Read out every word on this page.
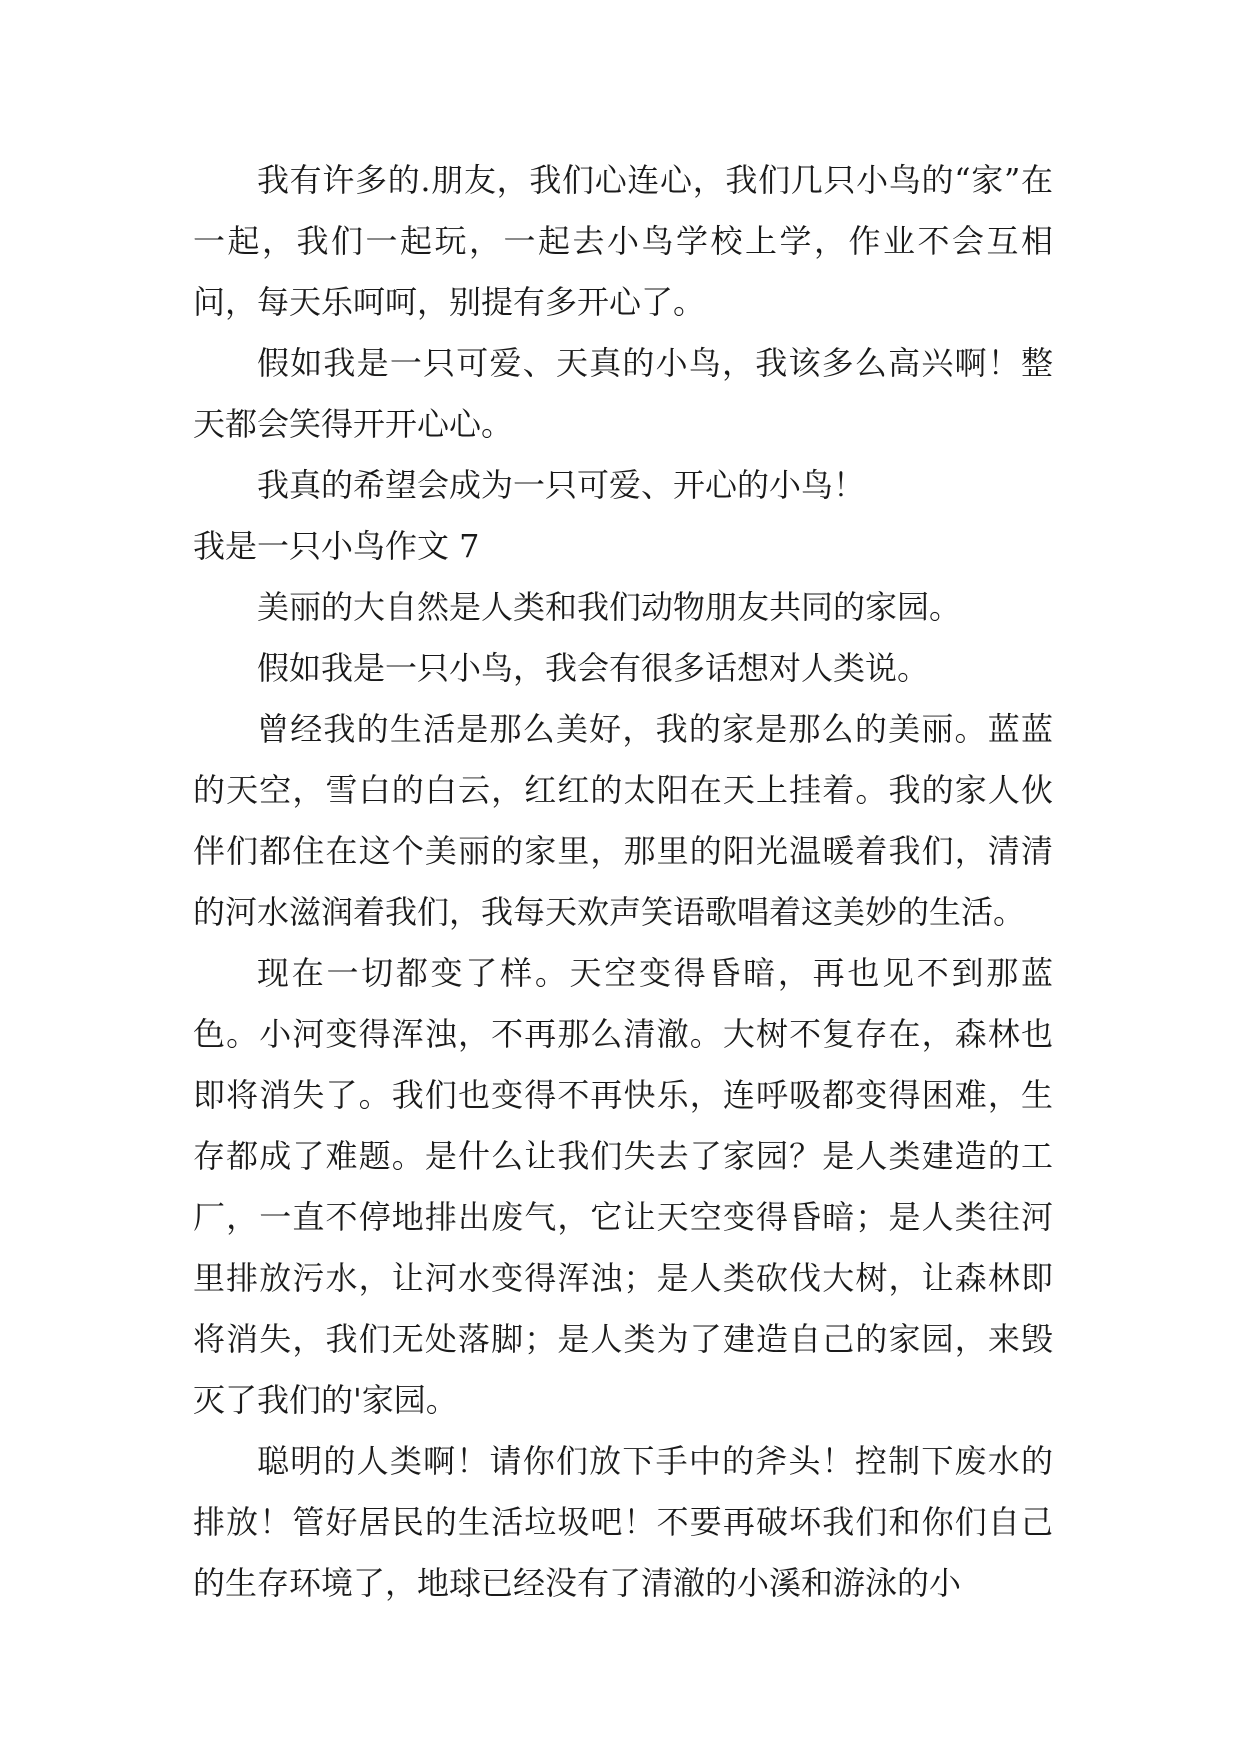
我有许多的.朋友，我们心连心，我们几只小鸟的“家”在一起，我们一起玩，一起去小鸟学校上学，作业不会互相问，每天乐呵呵，别提有多开心了。

假如我是一只可爱、天真的小鸟，我该多么高兴啊！整天都会笑得开开心心。

我真的希望会成为一只可爱、开心的小鸟！

我是一只小鸟作文 7

美丽的大自然是人类和我们动物朋友共同的家园。

假如我是一只小鸟，我会有很多话想对人类说。

曾经我的生活是那么美好，我的家是那么的美丽。蓝蓝的天空，雪白的白云，红红的太阳在天上挂着。我的家人伙伴们都住在这个美丽的家里，那里的阳光温暖着我们，清清的河水滋润着我们，我每天欢声笑语歌唱着这美妙的生活。

现在一切都变了样。天空变得昏暗，再也见不到那蓝色。小河变得浑浊，不再那么清澈。大树不复存在，森林也即将消失了。我们也变得不再快乐，连呼吸都变得困难，生存都成了难题。是什么让我们失去了家园？是人类建造的工厂，一直不停地排出废气，它让天空变得昏暗；是人类往河里排放污水，让河水变得浑浊；是人类砍伐大树，让森林即将消失，我们无处落脚；是人类为了建造自己的家园，来毁灭了我们的'家园。

聪明的人类啊！请你们放下手中的斧头！控制下废水的排放！管好居民的生活垃圾吧！不要再破坏我们和你们自己的生存环境了，地球已经没有了清澈的小溪和游泳的小
